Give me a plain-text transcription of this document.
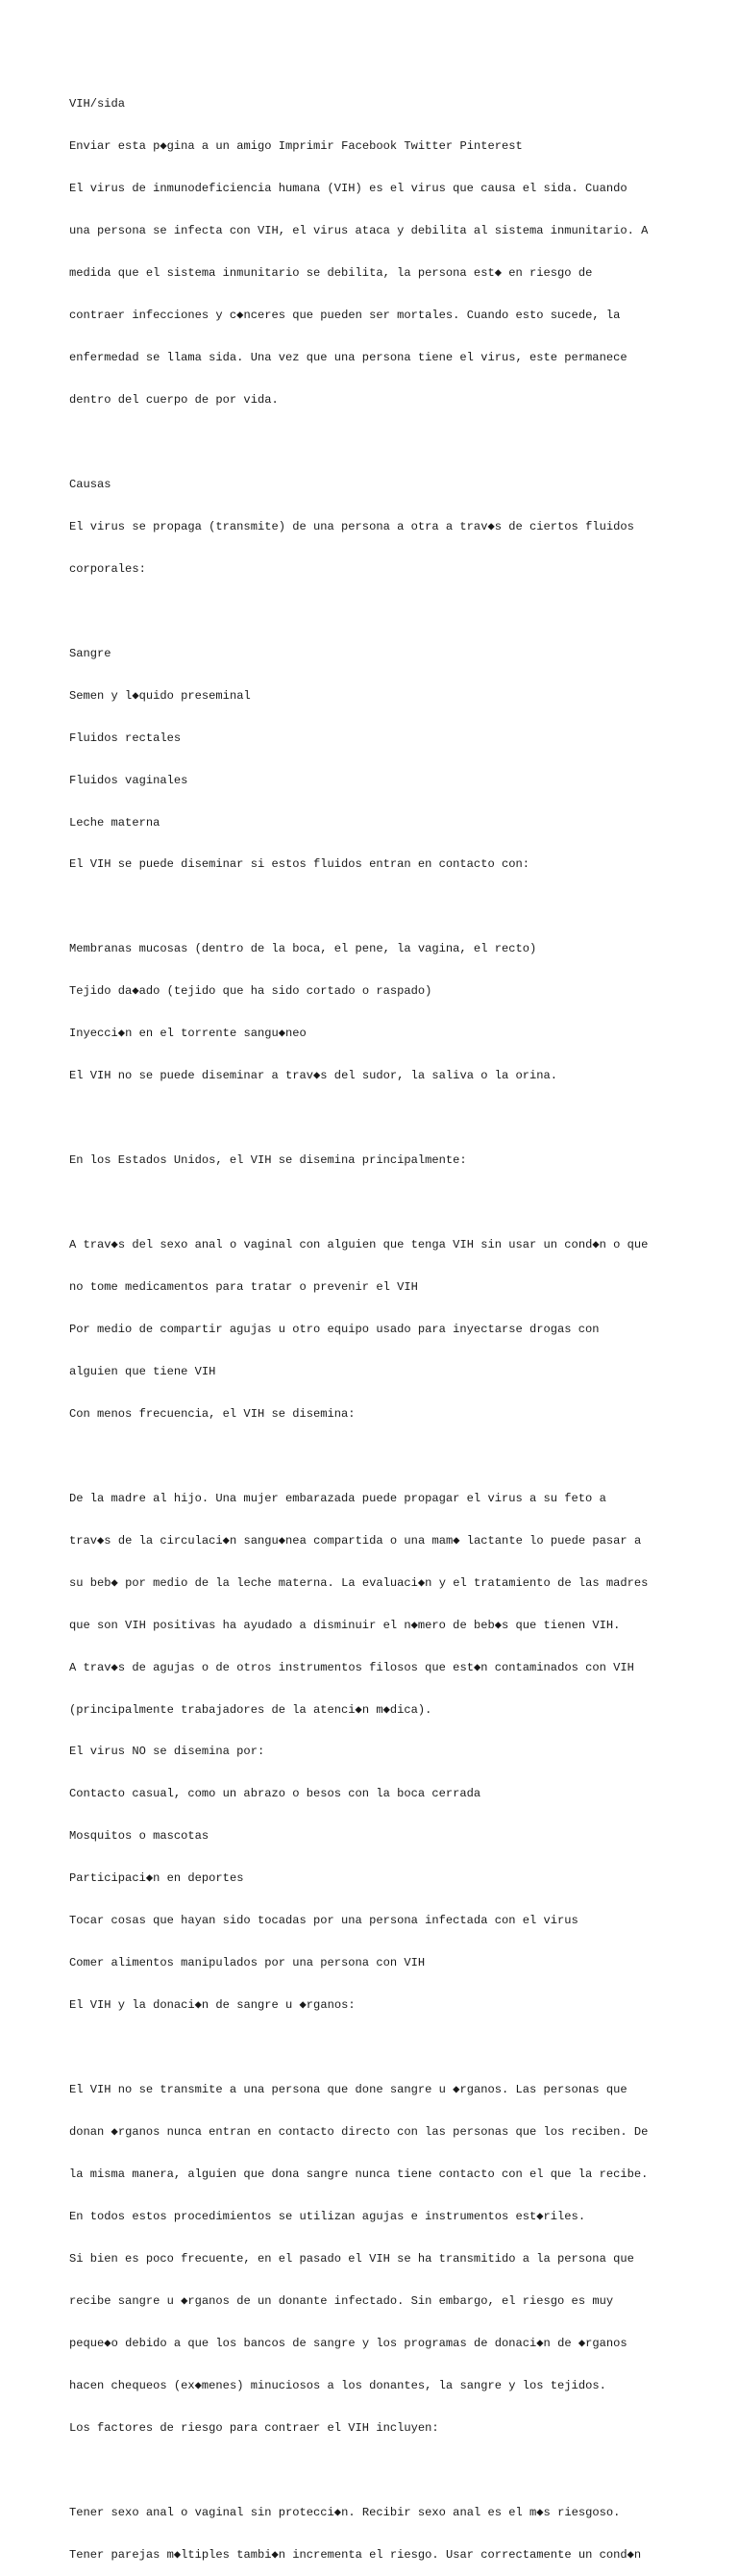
VIH/sida

Enviar esta p◆gina a un amigo Imprimir Facebook Twitter Pinterest

El virus de inmunodeficiencia humana (VIH) es el virus que causa el sida. Cuando

una persona se infecta con VIH, el virus ataca y debilita al sistema inmunitario. A

medida que el sistema inmunitario se debilita, la persona est◆ en riesgo de

contraer infecciones y c◆nceres que pueden ser mortales. Cuando esto sucede, la

enfermedad se llama sida. Una vez que una persona tiene el virus, este permanece

dentro del cuerpo de por vida.

Causas

El virus se propaga (transmite) de una persona a otra a trav◆s de ciertos fluidos

corporales:

Sangre

Semen y l◆quido preseminal

Fluidos rectales

Fluidos vaginales

Leche materna

El VIH se puede diseminar si estos fluidos entran en contacto con:

Membranas mucosas (dentro de la boca, el pene, la vagina, el recto)

Tejido da◆ado (tejido que ha sido cortado o raspado)

Inyecci◆n en el torrente sangu◆neo

El VIH no se puede diseminar a trav◆s del sudor, la saliva o la orina.

En los Estados Unidos, el VIH se disemina principalmente:

A trav◆s del sexo anal o vaginal con alguien que tenga VIH sin usar un cond◆n o que

no tome medicamentos para tratar o prevenir el VIH

Por medio de compartir agujas u otro equipo usado para inyectarse drogas con

alguien que tiene VIH

Con menos frecuencia, el VIH se disemina:

De la madre al hijo. Una mujer embarazada puede propagar el virus a su feto a

trav◆s de la circulaci◆n sangu◆nea compartida o una mam◆ lactante lo puede pasar a

su beb◆ por medio de la leche materna. La evaluaci◆n y el tratamiento de las madres

que son VIH positivas ha ayudado a disminuir el n◆mero de beb◆s que tienen VIH.

A trav◆s de agujas o de otros instrumentos filosos que est◆n contaminados con VIH

(principalmente trabajadores de la atenci◆n m◆dica).

El virus NO se disemina por:

Contacto casual, como un abrazo o besos con la boca cerrada

Mosquitos o mascotas

Participaci◆n en deportes

Tocar cosas que hayan sido tocadas por una persona infectada con el virus

Comer alimentos manipulados por una persona con VIH

El VIH y la donaci◆n de sangre u ◆rganos:

El VIH no se transmite a una persona que done sangre u ◆rganos. Las personas que

donan ◆rganos nunca entran en contacto directo con las personas que los reciben. De

la misma manera, alguien que dona sangre nunca tiene contacto con el que la recibe.

En todos estos procedimientos se utilizan agujas e instrumentos est◆riles.

Si bien es poco frecuente, en el pasado el VIH se ha transmitido a la persona que

recibe sangre u ◆rganos de un donante infectado. Sin embargo, el riesgo es muy

peque◆o debido a que los bancos de sangre y los programas de donaci◆n de ◆rganos

hacen chequeos (ex◆menes) minuciosos a los donantes, la sangre y los tejidos.

Los factores de riesgo para contraer el VIH incluyen:

Tener sexo anal o vaginal sin protecci◆n. Recibir sexo anal es el m◆s riesgoso.

Tener parejas m◆ltiples tambi◆n incrementa el riesgo. Usar correctamente un cond◆n
